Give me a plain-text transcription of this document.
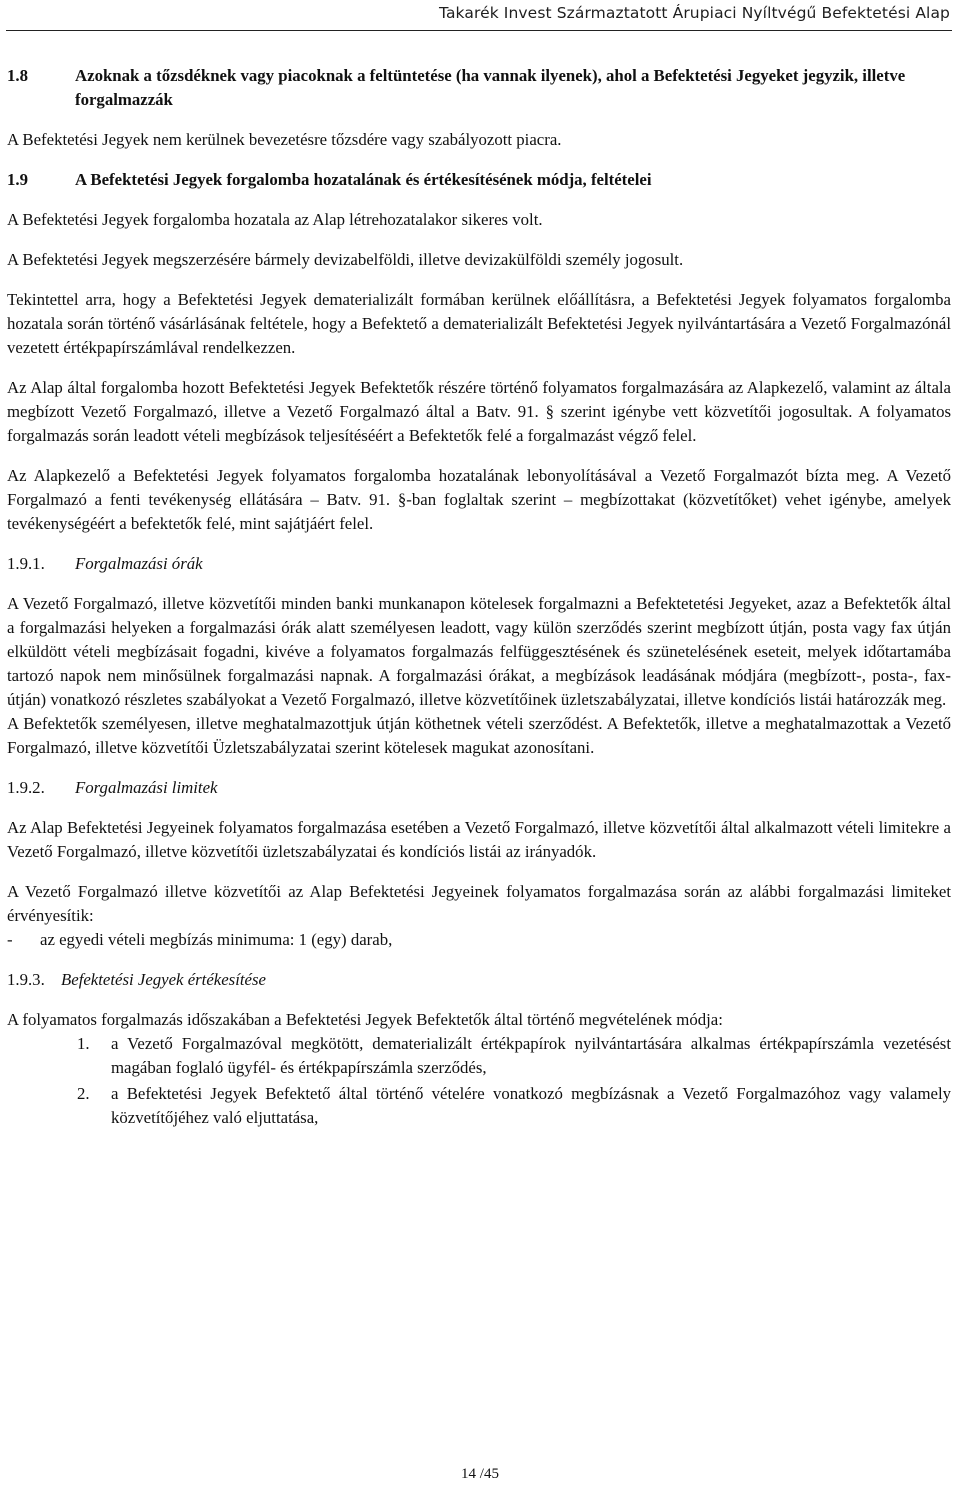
Takarék Invest Származtatott Árupiaci Nyíltvégű Befektetési Alap
1.8	Azoknak a tőzsdéknek vagy piacoknak a feltüntetése (ha vannak ilyenek), ahol a Befektetési Jegyeket jegyzik, illetve forgalmazzák

A Befektetési Jegyek nem kerülnek bevezetésre tőzsdére vagy szabályozott piacra.

1.9	A Befektetési Jegyek forgalomba hozatalának és értékesítésének módja, feltételei

A Befektetési Jegyek forgalomba hozatala az Alap létrehozatalakor sikeres volt.

A Befektetési Jegyek megszerzésére bármely devizabelföldi, illetve devizakülföldi személy jogosult.

Tekintettel arra, hogy a Befektetési Jegyek dematerializált formában kerülnek előállításra, a Befektetési Jegyek folyamatos forgalomba hozatala során történő vásárlásának feltétele, hogy a Befektető a dematerializált Befektetési Jegyek nyilvántartására a Vezető Forgalmazónál vezetett értékpapírszámlával rendelkezzen.

Az Alap által forgalomba hozott Befektetési Jegyek Befektetők részére történő folyamatos forgalmazására az Alapkezelő, valamint az általa megbízott Vezető Forgalmazó, illetve a Vezető Forgalmazó által a Batv. 91. § szerint igénybe vett közvetítői jogosultak. A folyamatos forgalmazás során leadott vételi megbízások teljesítéséért a Befektetők felé a forgalmazást végző felel.

Az Alapkezelő a Befektetési Jegyek folyamatos forgalomba hozatalának lebonyolításával a Vezető Forgalmazót bízta meg. A Vezető Forgalmazó a fenti tevékenység ellátására – Batv. 91. §-ban foglaltak szerint – megbízottakat (közvetítőket) vehet igénybe, amelyek tevékenységéért a befektetők felé, mint sajátjáért felel.

1.9.1.	Forgalmazási órák

A Vezető Forgalmazó, illetve közvetítői minden banki munkanapon kötelesek forgalmazni a Befektetetési Jegyeket, azaz a Befektetők által a forgalmazási helyeken a forgalmazási órák alatt személyesen leadott, vagy külön szerződés szerint megbízott útján, posta vagy fax útján elküldött vételi megbízásait fogadni, kivéve a folyamatos forgalmazás felfüggesztésének és szünetelésének eseteit, melyek időtartamába tartozó napok nem minősülnek forgalmazási napnak. A forgalmazási órákat, a megbízások leadásának módjára (megbízott-, posta-, fax- útján) vonatkozó részletes szabályokat a Vezető Forgalmazó, illetve közvetítőinek üzletszabályzatai, illetve kondíciós listái határozzák meg.

A Befektetők személyesen, illetve meghatalmazottjuk útján köthetnek vételi szerződést. A Befektetők, illetve a meghatalmazottak a Vezető Forgalmazó, illetve közvetítői Üzletszabályzatai szerint kötelesek magukat azonosítani.

1.9.2.	Forgalmazási limitek

Az Alap Befektetési Jegyeinek folyamatos forgalmazása esetében a Vezető Forgalmazó, illetve közvetítői által alkalmazott vételi limitekre a Vezető Forgalmazó, illetve közvetítői üzletszabályzatai és kondíciós listái az irányadók.

A Vezető Forgalmazó illetve közvetítői az Alap Befektetési Jegyeinek folyamatos forgalmazása során az alábbi forgalmazási limiteket érvényesítik:

-	az egyedi vételi megbízás minimuma: 1 (egy) darab,
1.9.3. Befektetési Jegyek értékesítése

A folyamatos forgalmazás időszakában a Befektetési Jegyek Befektetők által történő megvételének módja:

1.	a Vezető Forgalmazóval megkötött, dematerializált értékpapírok nyilvántartására alkalmas értékpapírszámla vezetésést magában foglaló ügyfél- és értékpapírszámla szerződés,
2.	a Befektetési Jegyek Befektető által történő vételére vonatkozó megbízásnak a Vezető Forgalmazóhoz vagy valamely közvetítőjéhez való eljuttatása,
14 /45
